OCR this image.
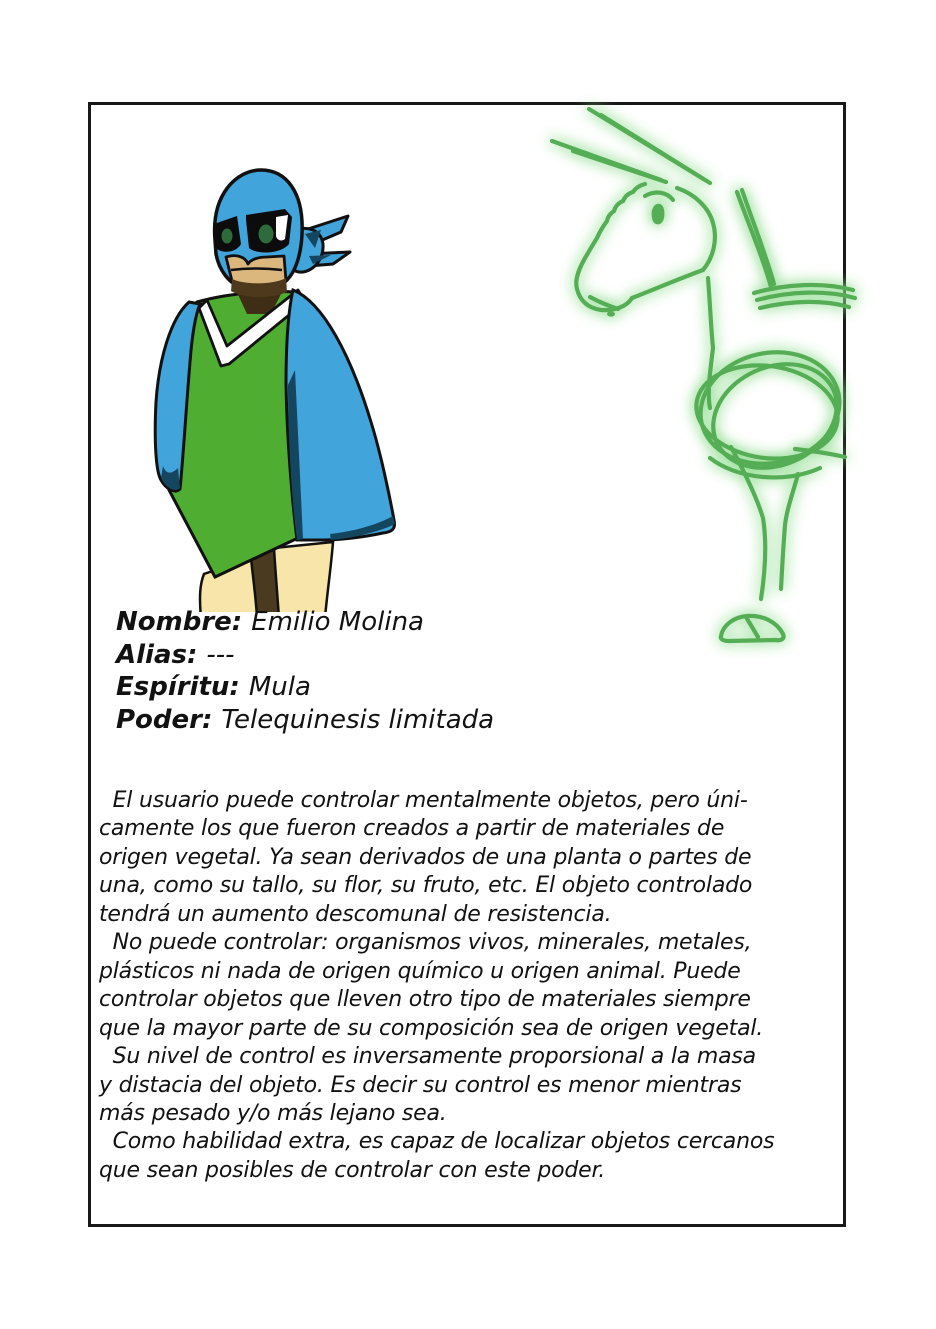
Nombre: Emilio Molina
Alias: ---
Espíritu: Mula
Poder: Telequinesis limitada
El usuario puede controlar mentalmente objetos, pero úni-
camente los que fueron creados a partir de materiales de
origen vegetal. Ya sean derivados de una planta o partes de
una, como su tallo, su flor, su fruto, etc. El objeto controlado
tendrá un aumento descomunal de resistencia.
No puede controlar: organismos vivos, minerales, metales,
plásticos ni nada de origen químico u origen animal. Puede
controlar objetos que lleven otro tipo de materiales siempre
que la mayor parte de su composición sea de origen vegetal.
Su nivel de control es inversamente proporsional a la masa
y distacia del objeto. Es decir su control es menor mientras
más pesado y/o más lejano sea.
Como habilidad extra, es capaz de localizar objetos cercanos
que sean posibles de controlar con este poder.
